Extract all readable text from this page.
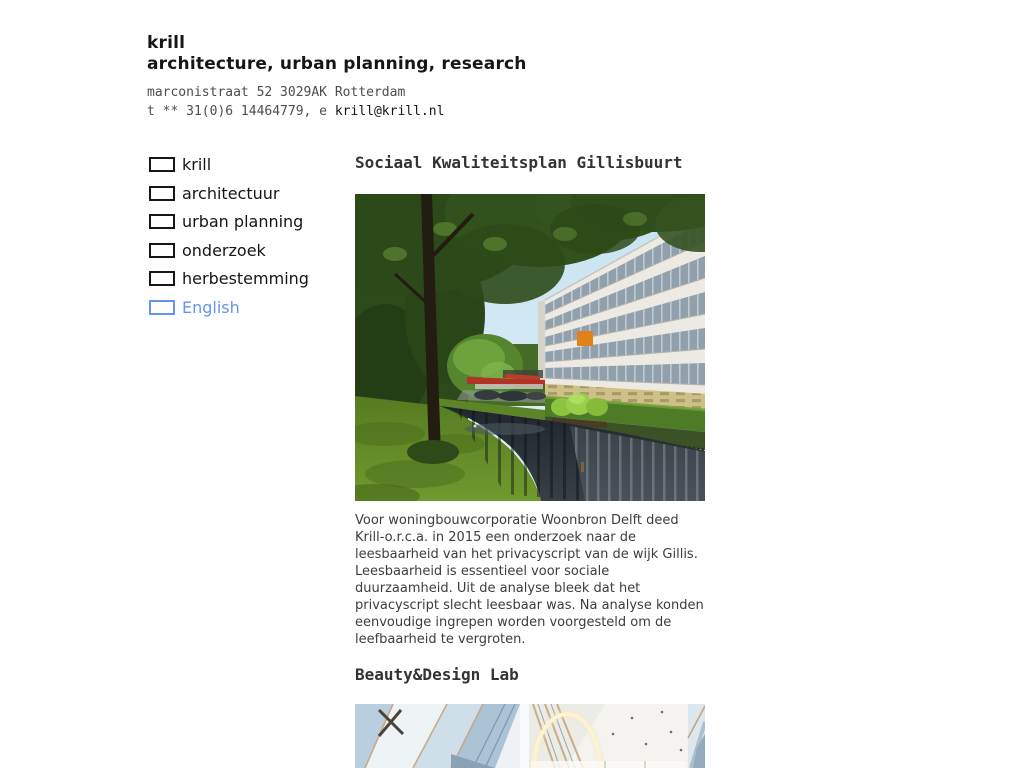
krill
architecture, urban planning, research
marconistraat 52 3029AK Rotterdam
t ** 31(0)6 14464779, e krill@krill.nl
krill
architectuur
urban planning
onderzoek
herbestemming
English
Sociaal Kwaliteitsplan Gillisbuurt

Voor woningbouwcorporatie Woonbron Delft deed Krill-o.r.c.a. in 2015 een onderzoek naar de leesbaarheid van het privacyscript van de wijk Gillis. Leesbaarheid is essentieel voor sociale duurzaamheid. Uit de analyse bleek dat het privacyscript slecht leesbaar was. Na analyse konden eenvoudige ingrepen worden voorgesteld om de leefbaarheid te vergroten.

Beauty&Design Lab
